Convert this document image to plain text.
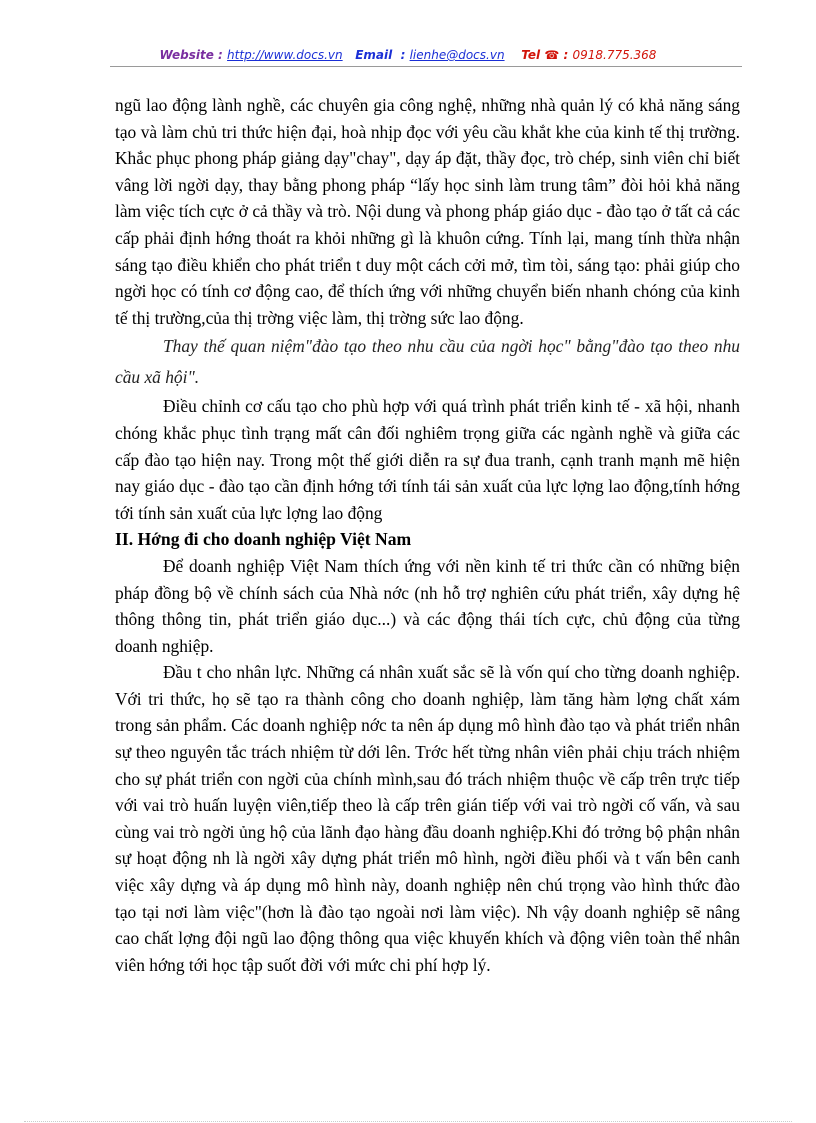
Website : http://www.docs.vn Email : lienhe@docs.vn Tel ☎ : 0918.775.368

ngũ lao động lành nghề, các chuyên gia công nghệ, những nhà quản lý có khả năng sáng tạo và làm chủ tri thức hiện đại, hoà nhịp đọc với yêu cầu khắt khe của kinh tế thị trường. Khắc phục phong pháp giảng dạy"chay", dạy áp đặt, thầy đọc, trò chép, sinh viên chỉ biết vâng lời ngời dạy, thay bằng phong pháp “lấy học sinh làm trung tâm” đòi hỏi khả năng làm việc tích cực ở cả thầy và trò. Nội dung và phong pháp giáo dục - đào tạo ở tất cả các cấp phải định hớng thoát ra khỏi những gì là khuôn cứng. Tính lại, mang tính thừa nhận sáng tạo điều khiển cho phát triển t duy một cách cởi mở, tìm tòi, sáng tạo: phải giúp cho ngời học có tính cơ động cao, để thích ứng với những chuyển biến nhanh chóng của kinh tế thị trường,của thị trờng việc làm, thị trờng sức lao động.

Thay thế quan niệm"đào tạo theo nhu cầu của ngời học" bằng"đào tạo theo nhu cầu xã hội".

Điều chỉnh cơ cấu tạo cho phù hợp với quá trình phát triển kinh tế - xã hội, nhanh chóng khắc phục tình trạng mất cân đối nghiêm trọng giữa các ngành nghề và giữa các cấp đào tạo hiện nay. Trong một thế giới diễn ra sự đua tranh, cạnh tranh mạnh mẽ hiện nay giáo dục - đào tạo cần định hớng tới tính tái sản xuất của lực lợng lao động,tính hớng tới tính sản xuất của lực lợng lao động

II. Hớng đi cho doanh nghiệp Việt Nam

Để doanh nghiệp Việt Nam thích ứng với nền kinh tế tri thức cần có những biện pháp đồng bộ về chính sách của Nhà nớc (nh hỗ trợ nghiên cứu phát triển, xây dựng hệ thông thông tin, phát triển giáo dục...) và các động thái tích cực, chủ động của từng doanh nghiệp.

Đầu t cho nhân lực. Những cá nhân xuất sắc sẽ là vốn quí cho từng doanh nghiệp. Với tri thức, họ sẽ tạo ra thành công cho doanh nghiệp, làm tăng hàm lợng chất xám trong sản phẩm. Các doanh nghiệp nớc ta nên áp dụng mô hình đào tạo và phát triển nhân sự theo nguyên tắc trách nhiệm từ dới lên. Trớc hết từng nhân viên phải chịu trách nhiệm cho sự phát triển con ngời của chính mình,sau đó trách nhiệm thuộc về cấp trên trực tiếp với vai trò huấn luyện viên,tiếp theo là cấp trên gián tiếp với vai trò ngời cố vấn, và sau cùng vai trò ngời ủng hộ của lãnh đạo hàng đầu doanh nghiệp.Khi đó trởng bộ phận nhân sự hoạt động nh là ngời xây dựng phát triển mô hình, ngời điều phối và t vấn bên canh việc xây dựng và áp dụng mô hình này, doanh nghiệp nên chú trọng vào hình thức đào tạo tại nơi làm việc"(hơn là đào tạo ngoài nơi làm việc). Nh vậy doanh nghiệp sẽ nâng cao chất lợng đội ngũ lao động thông qua việc khuyến khích và động viên toàn thể nhân viên hớng tới học tập suốt đời với mức chi phí hợp lý.
